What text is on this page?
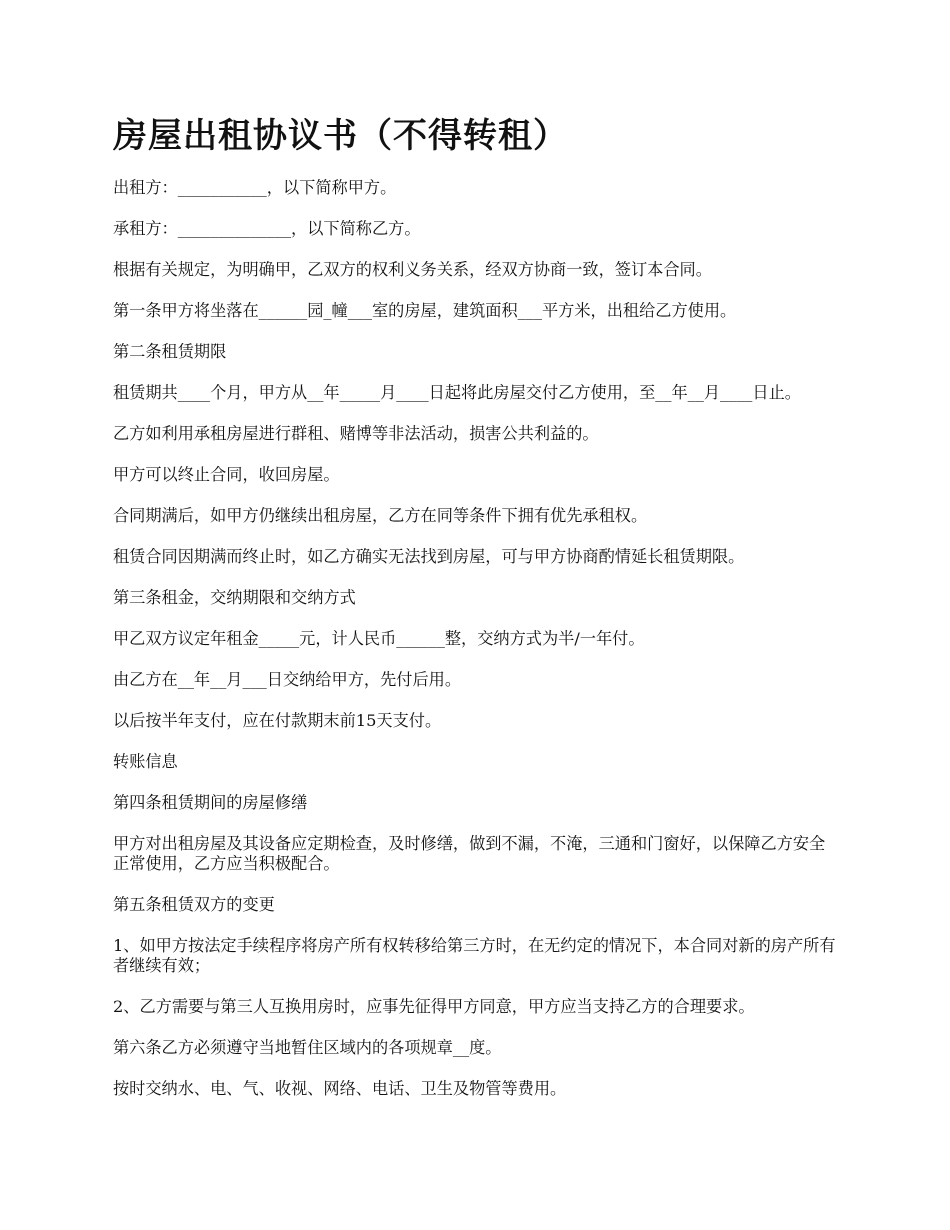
房屋出租协议书（不得转租）

出租方：___________，以下简称甲方。

承租方：______________，以下简称乙方。

根据有关规定，为明确甲，乙双方的权利义务关系，经双方协商一致，签订本合同。

第一条甲方将坐落在______园_幢___室的房屋，建筑面积___平方米，出租给乙方使用。

第二条租赁期限

租赁期共____个月，甲方从__年_____月____日起将此房屋交付乙方使用，至__年__月____日止。

乙方如利用承租房屋进行群租、赌博等非法活动，损害公共利益的。

甲方可以终止合同，收回房屋。

合同期满后，如甲方仍继续出租房屋，乙方在同等条件下拥有优先承租权。

租赁合同因期满而终止时，如乙方确实无法找到房屋，可与甲方协商酌情延长租赁期限。

第三条租金，交纳期限和交纳方式

甲乙双方议定年租金_____元，计人民币______整，交纳方式为半/一年付。

由乙方在__年__月___日交纳给甲方，先付后用。

以后按半年支付，应在付款期末前15天支付。

转账信息

第四条租赁期间的房屋修缮

甲方对出租房屋及其设备应定期检查，及时修缮，做到不漏，不淹，三通和门窗好，以保障乙方安全正常使用，乙方应当积极配合。

第五条租赁双方的变更

1、如甲方按法定手续程序将房产所有权转移给第三方时，在无约定的情况下，本合同对新的房产所有者继续有效；

2、乙方需要与第三人互换用房时，应事先征得甲方同意，甲方应当支持乙方的合理要求。

第六条乙方必须遵守当地暂住区域内的各项规章__度。

按时交纳水、电、气、收视、网络、电话、卫生及物管等费用。
